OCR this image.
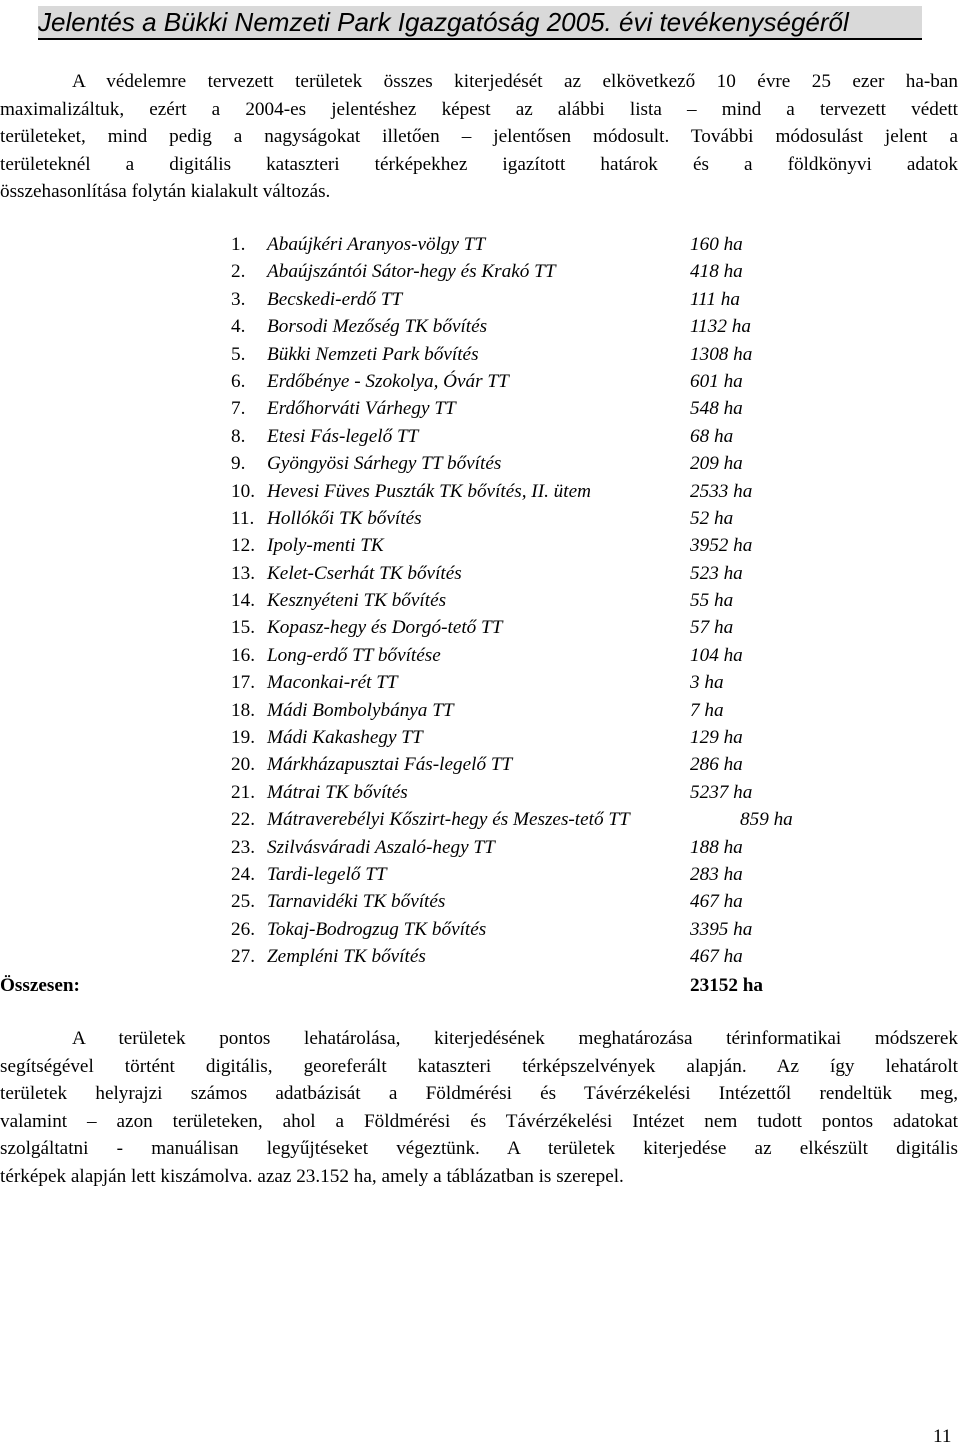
Jelentés a Bükki Nemzeti Park Igazgatóság 2005. évi tevékenységéről
A védelemre tervezett területek összes kiterjedését az elkövetkező 10 évre 25 ezer ha-ban
maximalizáltuk, ezért a 2004-es jelentéshez képest az alábbi lista – mind a tervezett védett
területeket, mind pedig a nagyságokat illetően – jelentősen módosult. További módosulást jelent a
területeknél a digitális kataszteri térképekhez igazított határok és a földkönyvi adatok
összehasonlítása folytán kialakult változás.
1. Abaújkéri Aranyos-völgy TT	160 ha
2. Abaújszántói Sátor-hegy és Krakó TT	418 ha
3. Becskedi-erdő TT	111 ha
4. Borsodi Mezőség TK bővítés	1132 ha
5. Bükki Nemzeti Park bővítés	1308 ha
6. Erdőbénye - Szokolya, Óvár TT	601 ha
7. Erdőhorváti Várhegy TT	548 ha
8. Etesi Fás-legelő TT	68 ha
9. Gyöngyösi Sárhegy TT bővítés	209 ha
10. Hevesi Füves Puszták TK bővítés, II. ütem	2533 ha
11. Hollókői TK bővítés	52 ha
12. Ipoly-menti TK	3952 ha
13. Kelet-Cserhát TK bővítés	523 ha
14. Kesznyéteni TK bővítés	55 ha
15. Kopasz-hegy és Dorgó-tető TT	57 ha
16. Long-erdő TT bővítése	104 ha
17. Maconkai-rét TT	3 ha
18. Mádi Bombolybánya TT	7 ha
19. Mádi Kakashegy TT	129 ha
20. Márkházapusztai Fás-legelő TT	286 ha
21. Mátrai TK bővítés	5237 ha
22. Mátraverebélyi Kőszirt-hegy és Meszes-tető TT	859 ha
23. Szilvásváradi Aszaló-hegy TT	188 ha
24. Tardi-legelő TT	283 ha
25. Tarnavidéki TK bővítés	467 ha
26. Tokaj-Bodrogzug TK bővítés	3395 ha
27. Zempléni TK bővítés	467 ha
Összesen:	23152 ha
A területek pontos lehatárolása, kiterjedésének meghatározása térinformatikai módszerek
segítségével történt digitális, georeferált kataszteri térképszelvények alapján. Az így lehatárolt
területek helyrajzi számos adatbázisát a Földmérési és Távérzékelési Intézettől rendeltük meg,
valamint – azon területeken, ahol a Földmérési és Távérzékelési Intézet nem tudott pontos adatokat
szolgáltatni - manuálisan legyűjtéseket végeztünk. A területek kiterjedése az elkészült digitális
térképek alapján lett kiszámolva. azaz 23.152 ha, amely a táblázatban is szerepel.
11
